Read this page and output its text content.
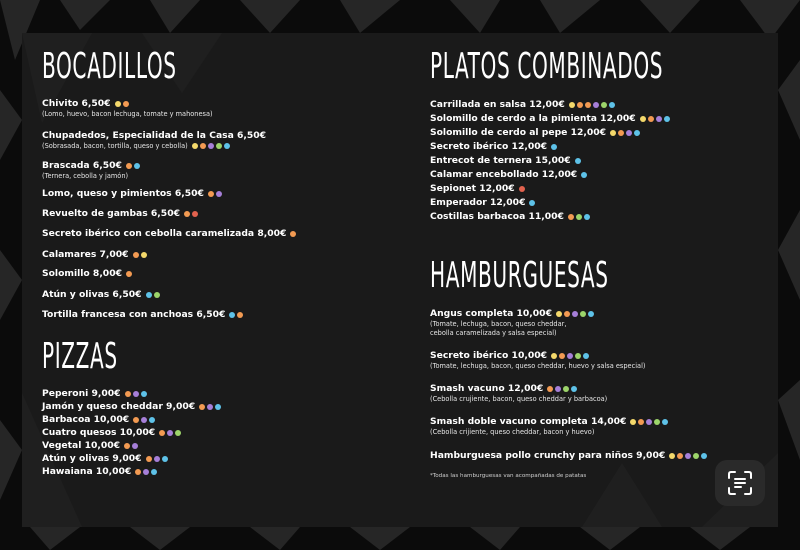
BOCADILLOS
Chivito 6,50€
(Lomo, huevo, bacon lechuga, tomate y mahonesa)
Chupadedos, Especialidad de la Casa 6,50€
(Sobrasada, bacon, tortilla, queso y cebolla)
Brascada 6,50€
(Ternera, cebolla y jamón)
Lomo, queso y pimientos 6,50€
Revuelto de gambas 6,50€
Secreto ibérico con cebolla caramelizada 8,00€
Calamares 7,00€
Solomillo 8,00€
Atún y olivas 6,50€
Tortilla francesa con anchoas 6,50€
PIZZAS
Peperoni 9,00€
Jamón y queso cheddar 9,00€
Barbacoa 10,00€
Cuatro quesos 10,00€
Vegetal 10,00€
Atún y olivas 9,00€
Hawaiana 10,00€
PLATOS COMBINADOS
Carrillada en salsa 12,00€
Solomillo de cerdo a la pimienta 12,00€
Solomillo de cerdo al pepe 12,00€
Secreto ibérico 12,00€
Entrecot de ternera 15,00€
Calamar encebollado 12,00€
Sepionet 12,00€
Emperador 12,00€
Costillas barbacoa 11,00€
HAMBURGUESAS
Angus completa 10,00€
(Tomate, lechuga, bacon, queso cheddar,
cebolla caramelizada y salsa especial)
Secreto ibérico 10,00€
(Tomate, lechuga, bacon, queso cheddar, huevo y salsa especial)
Smash vacuno 12,00€
(Cebolla crujiente, bacon, queso cheddar y barbacoa)
Smash doble vacuno completa 14,00€
(Cebolla crijiente, queso cheddar, bacon y huevo)
Hamburguesa pollo crunchy para niños 9,00€
*Todas las hamburguesas van acompañadas de patatas
